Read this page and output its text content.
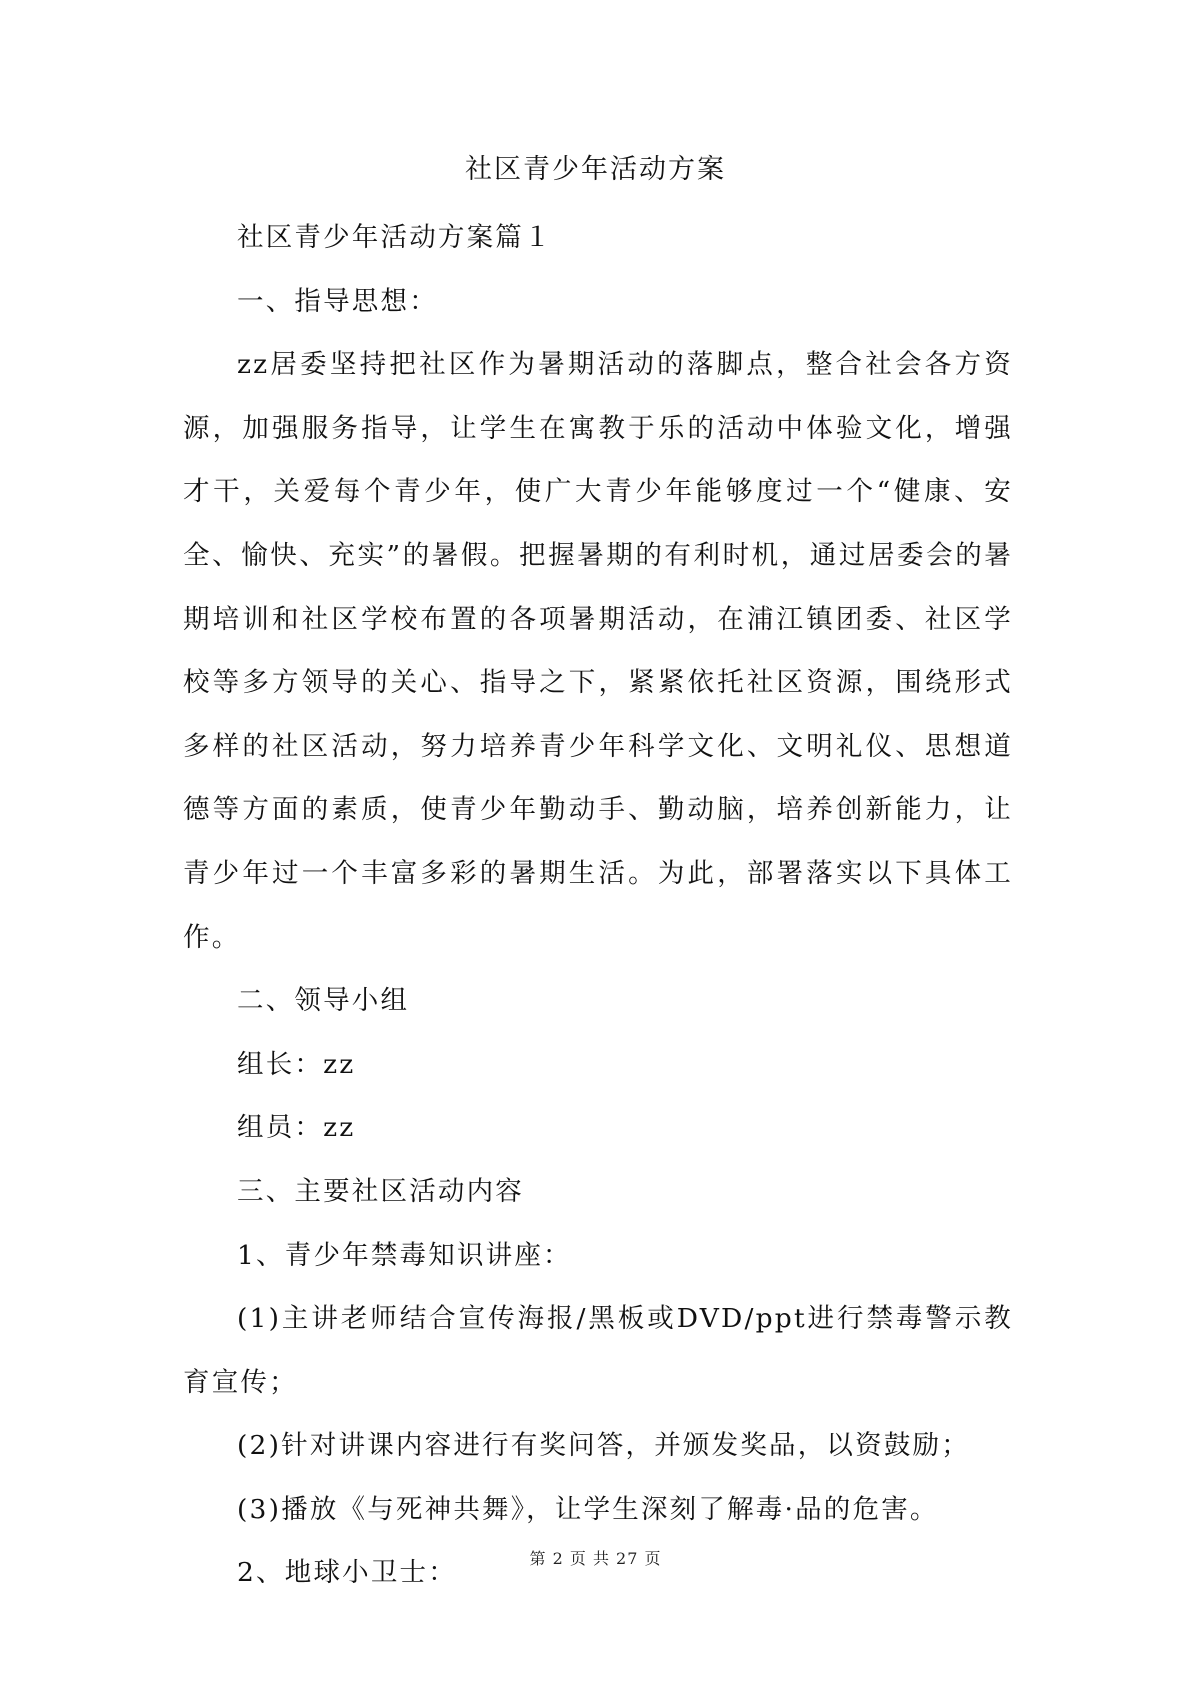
社区青少年活动方案

社区青少年活动方案篇１

一、指导思想：

zz居委坚持把社区作为暑期活动的落脚点，整合社会各方资源，加强服务指导，让学生在寓教于乐的活动中体验文化，增强才干，关爱每个青少年，使广大青少年能够度过一个“健康、安全、愉快、充实”的暑假。把握暑期的有利时机，通过居委会的暑期培训和社区学校布置的各项暑期活动，在浦江镇团委、社区学校等多方领导的关心、指导之下，紧紧依托社区资源，围绕形式多样的社区活动，努力培养青少年科学文化、文明礼仪、思想道德等方面的素质，使青少年勤动手、勤动脑，培养创新能力，让青少年过一个丰富多彩的暑期生活。为此，部署落实以下具体工作。

二、领导小组

组长：zz

组员：zz

三、主要社区活动内容

1、青少年禁毒知识讲座：

(1)主讲老师结合宣传海报/黑板或DVD/ppt进行禁毒警示教育宣传；

(2)针对讲课内容进行有奖问答，并颁发奖品，以资鼓励；

(3)播放《与死神共舞》，让学生深刻了解毒·品的危害。

2、地球小卫士：	第 2 页 共 27 页
